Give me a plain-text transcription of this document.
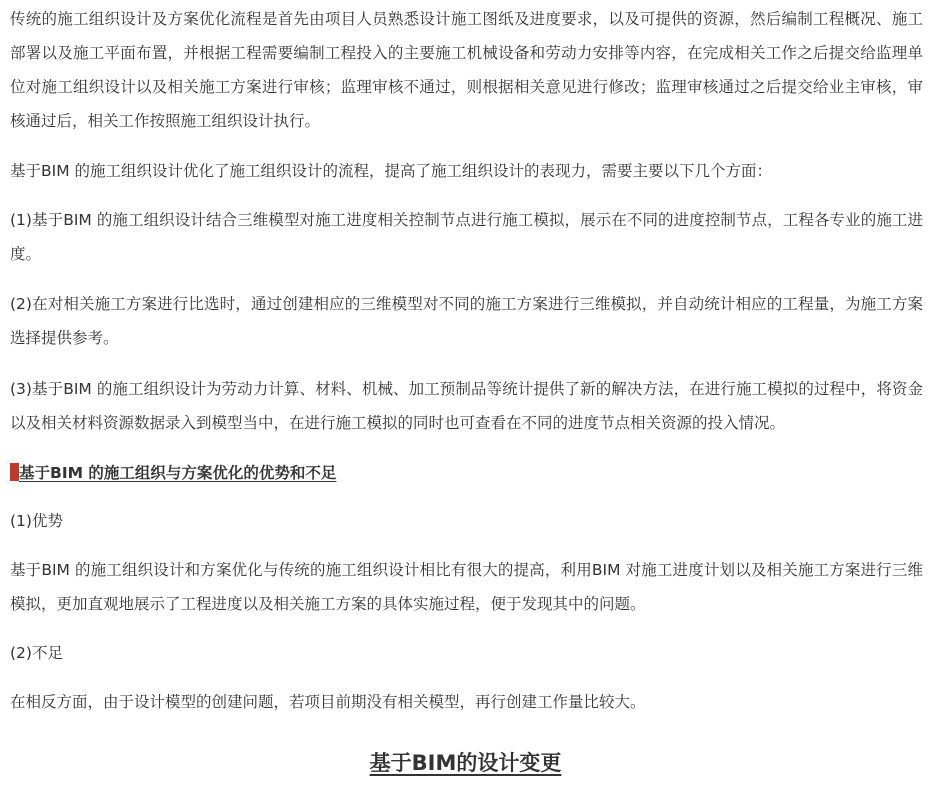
传统的施工组织设计及方案优化流程是首先由项目人员熟悉设计施工图纸及进度要求，以及可提供的资源，然后编制工程概况、施工部署以及施工平面布置，并根据工程需要编制工程投入的主要施工机械设备和劳动力安排等内容，在完成相关工作之后提交给监理单位对施工组织设计以及相关施工方案进行审核；监理审核不通过，则根据相关意见进行修改；监理审核通过之后提交给业主审核，审核通过后，相关工作按照施工组织设计执行。

基于BIM 的施工组织设计优化了施工组织设计的流程，提高了施工组织设计的表现力，需要主要以下几个方面：

(1)基于BIM 的施工组织设计结合三维模型对施工进度相关控制节点进行施工模拟，展示在不同的进度控制节点，工程各专业的施工进度。

(2)在对相关施工方案进行比选时，通过创建相应的三维模型对不同的施工方案进行三维模拟，并自动统计相应的工程量，为施工方案选择提供参考。

(3)基于BIM 的施工组织设计为劳动力计算、材料、机械、加工预制品等统计提供了新的解决方法，在进行施工模拟的过程中，将资金以及相关材料资源数据录入到模型当中，在进行施工模拟的同时也可查看在不同的进度节点相关资源的投入情况。

基于BIM 的施工组织与方案优化的优势和不足

(1)优势

基于BIM 的施工组织设计和方案优化与传统的施工组织设计相比有很大的提高，利用BIM 对施工进度计划以及相关施工方案进行三维模拟，更加直观地展示了工程进度以及相关施工方案的具体实施过程，便于发现其中的问题。

(2)不足

在相反方面，由于设计模型的创建问题，若项目前期没有相关模型，再行创建工作量比较大。

基于BIM的设计变更
